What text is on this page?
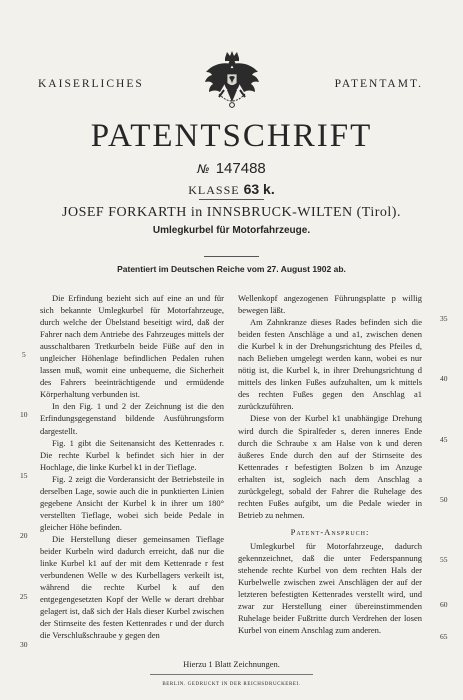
KAISERLICHES	PATENTAMT.
PATENTSCHRIFT
№ 147488
KLASSE 63 k.
JOSEF FORKARTH in INNSBRUCK-WILTEN (Tirol).
Umlegkurbel für Motorfahrzeuge.
Patentiert im Deutschen Reiche vom 27. August 1902 ab.

Die Erfindung bezieht sich auf eine an und für sich bekannte Umlegkurbel für Motorfahrzeuge, durch welche der Übelstand beseitigt wird, daß der Fahrer nach dem Antriebe des Fahrzeuges mittels der ausschaltbaren Tretkurbeln beide Füße auf den in ungleicher Höhenlage befindlichen Pedalen ruhen lassen muß, womit eine unbequeme, die Sicherheit des Fahrers beeinträchtigende und ermüdende Körperhaltung verbunden ist.

In den Fig. 1 und 2 der Zeichnung ist die den Erfindungsgegenstand bildende Ausführungsform dargestellt.

Fig. 1 gibt die Seitenansicht des Kettenrades r. Die rechte Kurbel k befindet sich hier in der Hochlage, die linke Kurbel k1 in der Tieflage.

Fig. 2 zeigt die Vorderansicht der Betriebsteile in derselben Lage, sowie auch die in punktierten Linien gegebene Ansicht der Kurbel k in ihrer um 180° verstellten Tieflage, wobei sich beide Pedale in gleicher Höhe befinden.

Die Herstellung dieser gemeinsamen Tieflage beider Kurbeln wird dadurch erreicht, daß nur die linke Kurbel k1 auf der mit dem Kettenrade r fest verbundenen Welle w des Kurbellagers verkeilt ist, während die rechte Kurbel k auf den entgegengesetzten Kopf der Welle w derart drehbar gelagert ist, daß sich der Hals dieser Kurbel zwischen der Stirnseite des festen Kettenrades r und der durch die Verschlußschraube y gegen den

Wellenkopf angezogenen Führungsplatte p willig bewegen läßt.

Am Zahnkranze dieses Rades befinden sich die beiden festen Anschläge a und a1, zwischen denen die Kurbel k in der Drehungsrichtung des Pfeiles d, nach Belieben umgelegt werden kann, wobei es nur nötig ist, die Kurbel k, in ihrer Drehungsrichtung d mittels des linken Fußes aufzuhalten, um k mittels des rechten Fußes gegen den Anschlag a1 zurückzuführen.

Diese von der Kurbel k1 unabhängige Drehung wird durch die Spiralfeder s, deren inneres Ende durch die Schraube x am Halse von k und deren äußeres Ende durch den auf der Stirnseite des Kettenrades r befestigten Bolzen b im Anzuge erhalten ist, sogleich nach dem Anschlag a zurückgelegt, sobald der Fahrer die Ruhelage des rechten Fußes aufgibt, um die Pedale wieder in Betrieb zu nehmen.

Patent-Anspruch:

Umlegkurbel für Motorfahrzeuge, dadurch gekennzeichnet, daß die unter Federspannung stehende rechte Kurbel von dem rechten Hals der Kurbelwelle zwischen zwei Anschlägen der auf der letzteren befestigten Kettenrades verstellt wird, und zwar zur Herstellung einer übereinstimmenden Ruhelage beider Fußtritte durch Verdrehen der losen Kurbel von einem Anschlag zum anderen.

5
10
15
20
25
30
35
40
45
50
55
60
65
Hierzu 1 Blatt Zeichnungen.
BERLIN. GEDRUCKT IN DER REICHSDRUCKEREI.
